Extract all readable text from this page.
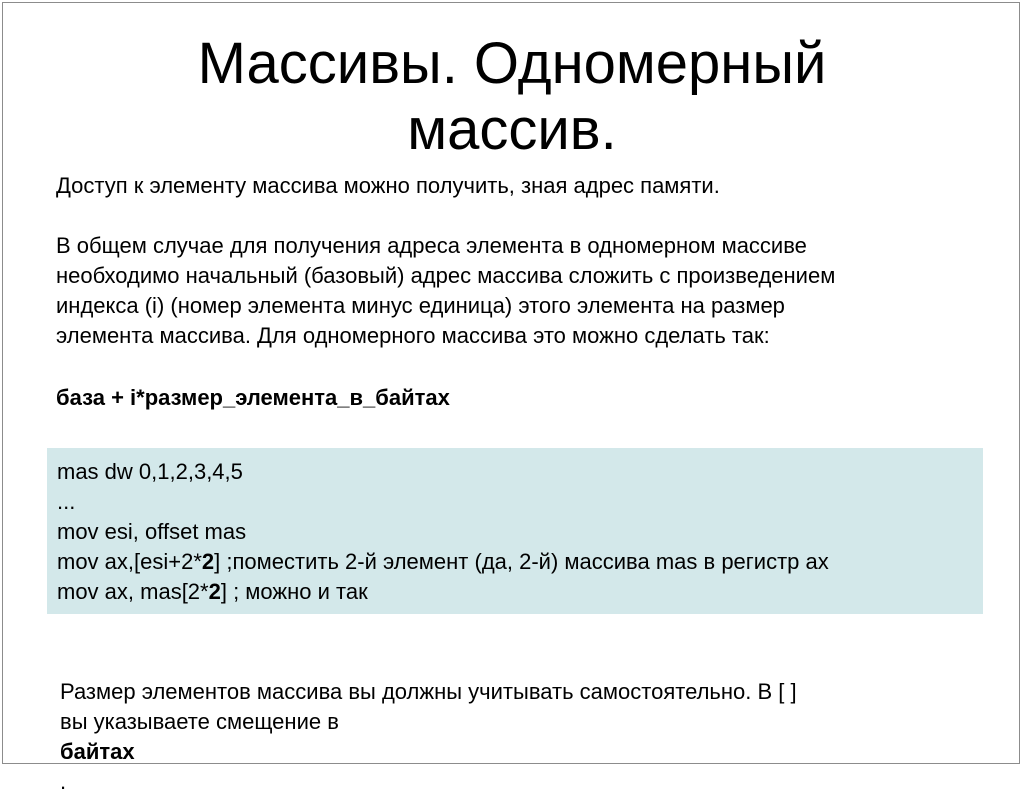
Массивы. Одномерный
массив.

Доступ к элементу массива можно получить, зная адрес памяти.

В общем случае для получения адреса элемента в одномерном массиве
необходимо начальный (базовый) адрес массива сложить с произведением
индекса (i) (номер элемента минус единица) этого элемента на размер
элемента массива. Для одномерного массива это можно сделать так:

база + i*размер_элемента_в_байтах
mas dw 0,1,2,3,4,5
...
mov esi, offset mas
mov ax,[esi+2*2] ;поместить 2-й элемент (да, 2-й) массива mas в регистр ax
mov ax, mas[2*2] ; можно и так
Размер элементов массива вы должны учитывать самостоятельно. В [ ]
вы указываете смещение в
байтах
.
